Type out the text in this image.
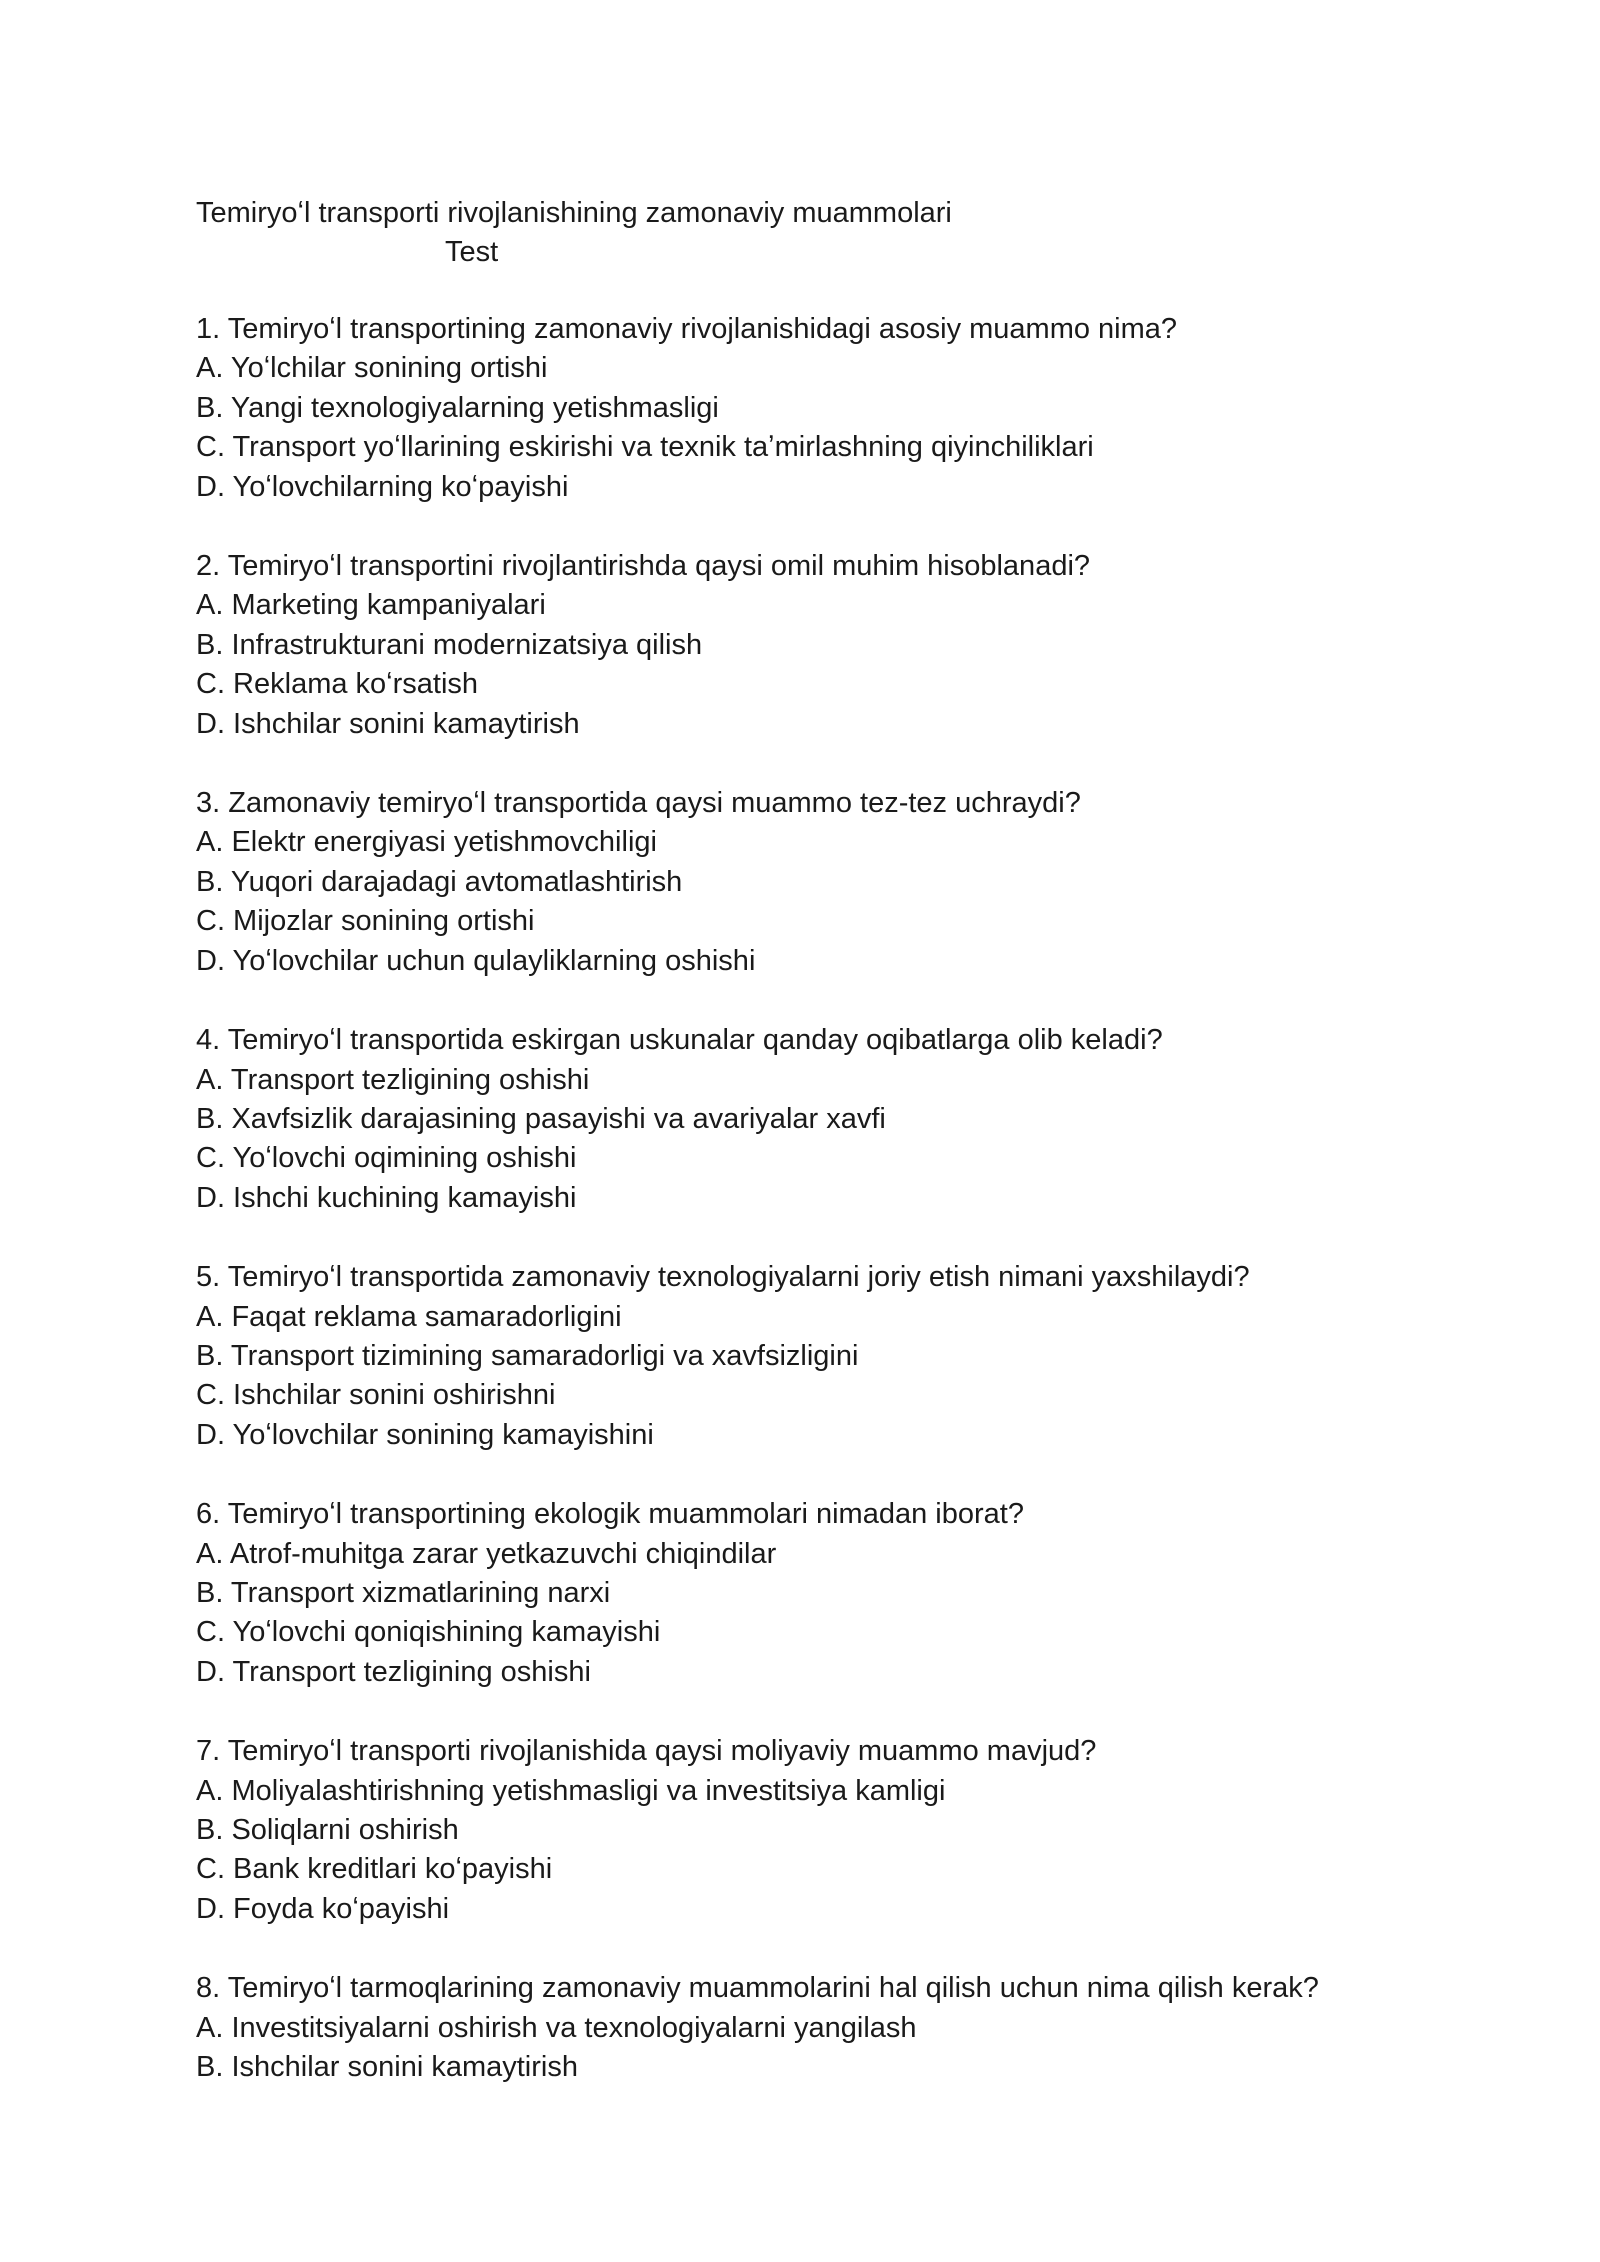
Temiryoʻl transporti rivojlanishining zamonaviy muammolari
Test
1. Temiryoʻl transportining zamonaviy rivojlanishidagi asosiy muammo nima?
A. Yoʻlchilar sonining ortishi
B. Yangi texnologiyalarning yetishmasligi
C. Transport yoʻllarining eskirishi va texnik taʼmirlashning qiyinchiliklari
D. Yoʻlovchilarning koʻpayishi
2. Temiryoʻl transportini rivojlantirishda qaysi omil muhim hisoblanadi?
A. Marketing kampaniyalari
B. Infrastrukturani modernizatsiya qilish
C. Reklama koʻrsatish
D. Ishchilar sonini kamaytirish
3. Zamonaviy temiryoʻl transportida qaysi muammo tez-tez uchraydi?
A. Elektr energiyasi yetishmovchiligi
B. Yuqori darajadagi avtomatlashtirish
C. Mijozlar sonining ortishi
D. Yoʻlovchilar uchun qulayliklarning oshishi
4. Temiryoʻl transportida eskirgan uskunalar qanday oqibatlarga olib keladi?
A. Transport tezligining oshishi
B. Xavfsizlik darajasining pasayishi va avariyalar xavfi
C. Yoʻlovchi oqimining oshishi
D. Ishchi kuchining kamayishi
5. Temiryoʻl transportida zamonaviy texnologiyalarni joriy etish nimani yaxshilaydi?
A. Faqat reklama samaradorligini
B. Transport tizimining samaradorligi va xavfsizligini
C. Ishchilar sonini oshirishni
D. Yoʻlovchilar sonining kamayishini
6. Temiryoʻl transportining ekologik muammolari nimadan iborat?
A. Atrof-muhitga zarar yetkazuvchi chiqindilar
B. Transport xizmatlarining narxi
C. Yoʻlovchi qoniqishining kamayishi
D. Transport tezligining oshishi
7. Temiryoʻl transporti rivojlanishida qaysi moliyaviy muammo mavjud?
A. Moliyalashtirishning yetishmasligi va investitsiya kamligi
B. Soliqlarni oshirish
C. Bank kreditlari koʻpayishi
D. Foyda koʻpayishi
8. Temiryoʻl tarmoqlarining zamonaviy muammolarini hal qilish uchun nima qilish kerak?
A. Investitsiyalarni oshirish va texnologiyalarni yangilash
B. Ishchilar sonini kamaytirish
